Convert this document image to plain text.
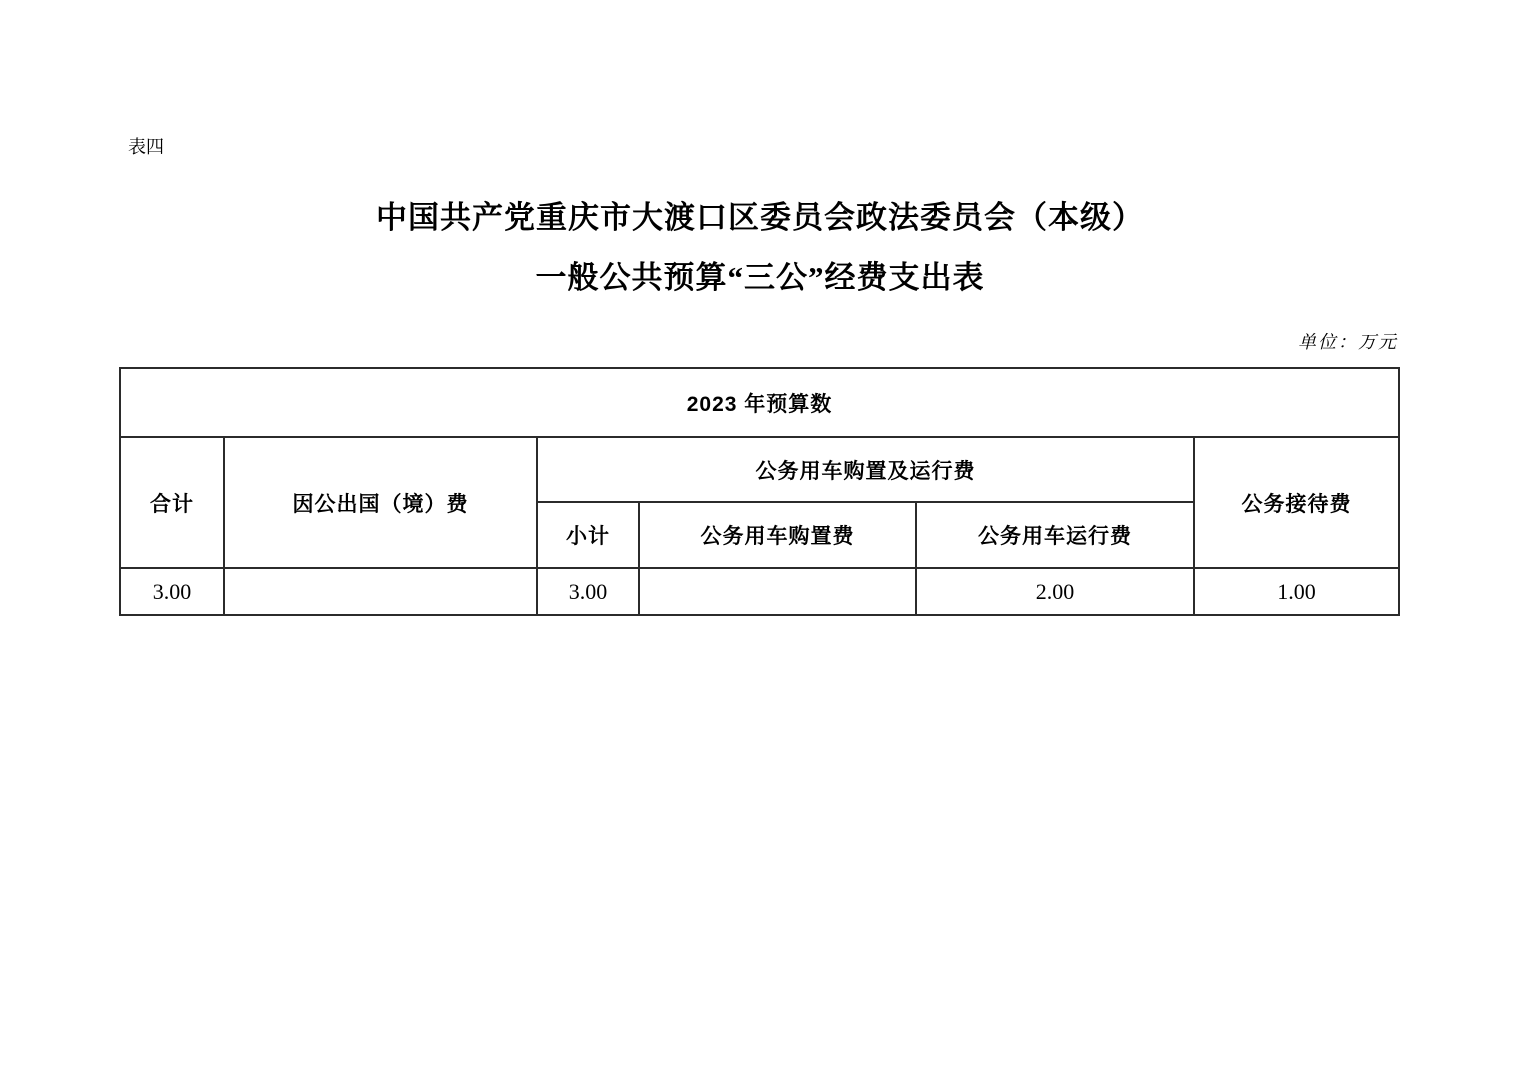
表四
中国共产党重庆市大渡口区委员会政法委员会（本级）
一般公共预算“三公”经费支出表
单位：万元
2023 年预算数					
合计	因公出国（境）费	公务用车购置及运行费			公务接待费
		小计	公务用车购置费	公务用车运行费	
3.00		3.00		2.00	1.00
